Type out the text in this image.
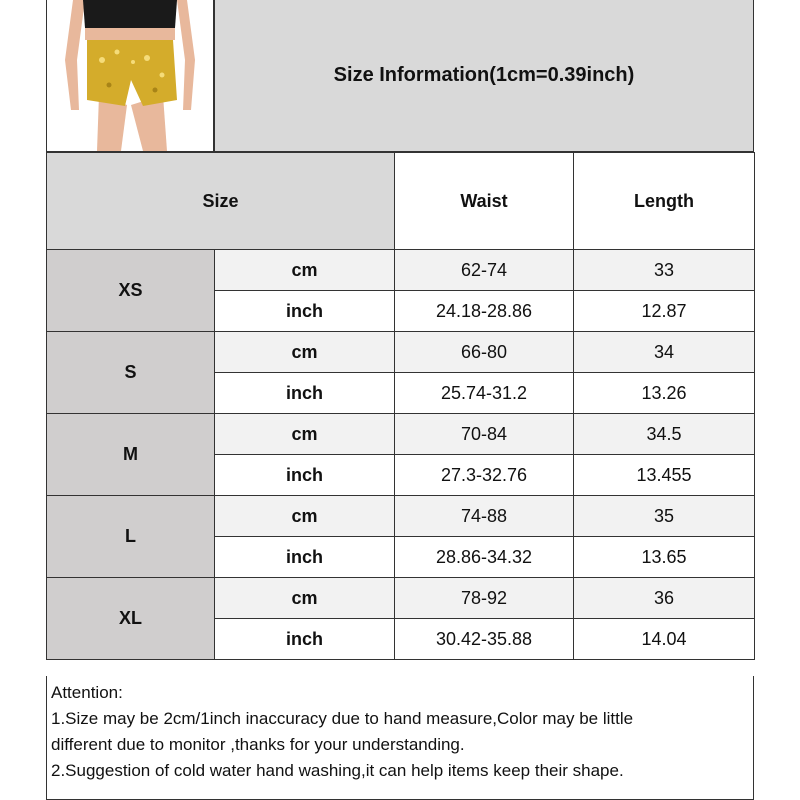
Size Information(1cm=0.39inch)
Size		Waist	Length
XS	cm	62-74	33
	inch	24.18-28.86	12.87
S	cm	66-80	34
	inch	25.74-31.2	13.26
M	cm	70-84	34.5
	inch	27.3-32.76	13.455
L	cm	74-88	35
	inch	28.86-34.32	13.65
XL	cm	78-92	36
	inch	30.42-35.88	14.04
Attention:
1.Size may be 2cm/1inch inaccuracy due to hand measure,Color may be little
different due to monitor ,thanks for your understanding.
2.Suggestion of cold water hand washing,it can help items keep their shape.
